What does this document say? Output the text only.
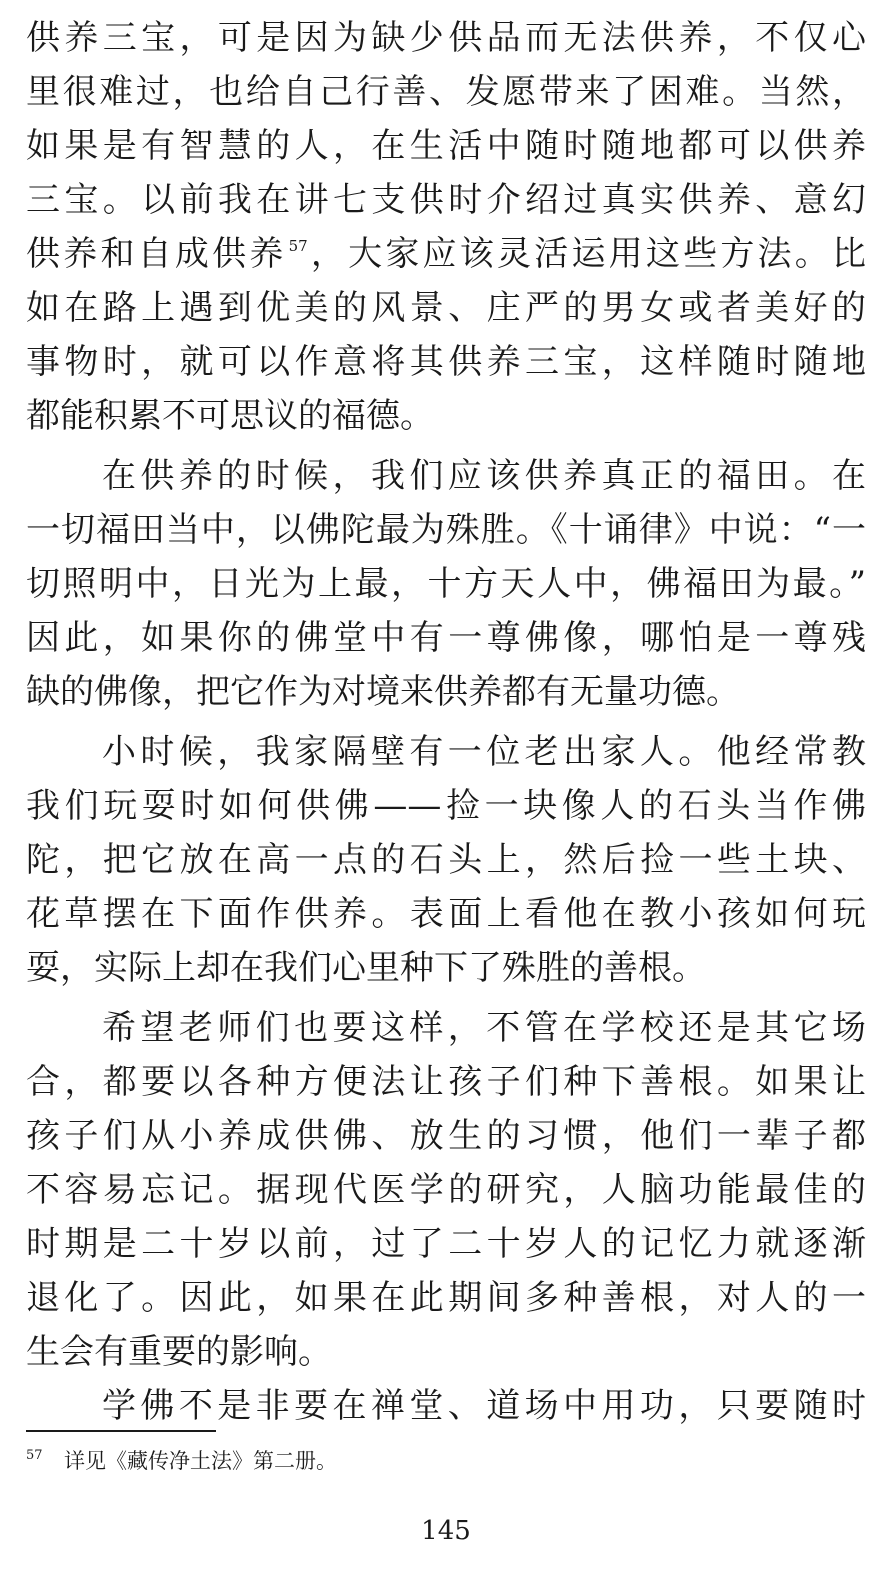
供养三宝，可是因为缺少供品而无法供养，不仅心
里很难过，也给自己行善、发愿带来了困难。当然，
如果是有智慧的人，在生活中随时随地都可以供养
三宝。以前我在讲七支供时介绍过真实供养、意幻
供养和自成供养 $^{57}$，大家应该灵活运用这些方法。比
如在路上遇到优美的风景、庄严的男女或者美好的
事物时，就可以作意将其供养三宝，这样随时随地
都能积累不可思议的福德。
在供养的时候，我们应该供养真正的福田。在
一切福田当中，以佛陀最为殊胜。《十诵律》中说：“一
切照明中，日光为上最，十方天人中，佛福田为最。”
因此，如果你的佛堂中有一尊佛像，哪怕是一尊残
缺的佛像，把它作为对境来供养都有无量功德。
小时候，我家隔壁有一位老出家人。他经常教
我们玩耍时如何供佛——捡一块像人的石头当作佛
陀，把它放在高一点的石头上，然后捡一些土块、
花草摆在下面作供养。表面上看他在教小孩如何玩
耍，实际上却在我们心里种下了殊胜的善根。
希望老师们也要这样，不管在学校还是其它场
合，都要以各种方便法让孩子们种下善根。如果让
孩子们从小养成供佛、放生的习惯，他们一辈子都
不容易忘记。据现代医学的研究，人脑功能最佳的
时期是二十岁以前，过了二十岁人的记忆力就逐渐
退化了。因此，如果在此期间多种善根，对人的一
生会有重要的影响。
学佛不是非要在禅堂、道场中用功，只要随时
57 详见《藏传净土法》第二册。
145
